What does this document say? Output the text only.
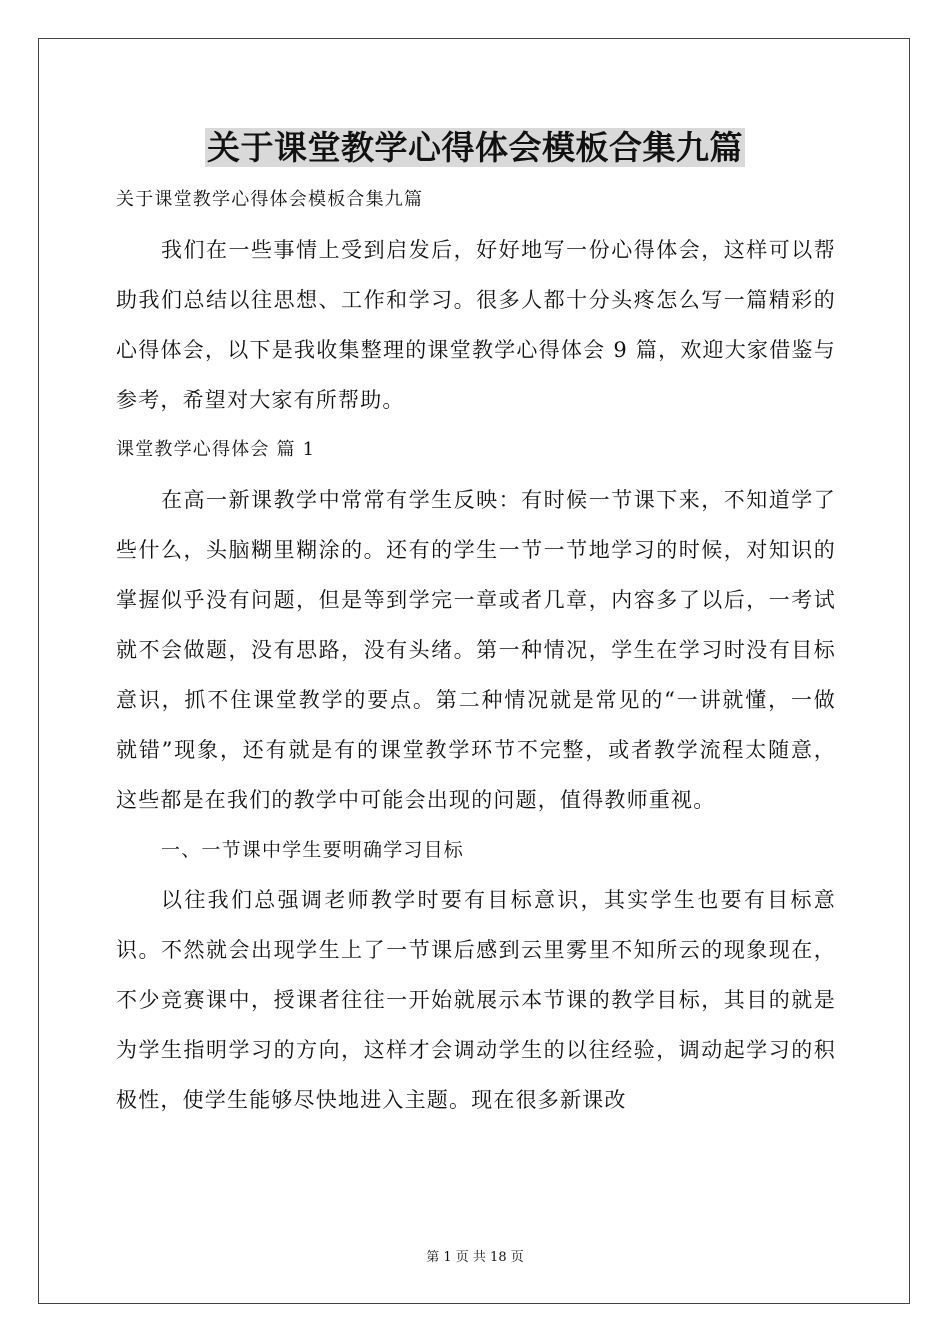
关于课堂教学心得体会模板合集九篇

关于课堂教学心得体会模板合集九篇

我们在一些事情上受到启发后，好好地写一份心得体会，这样可以帮助我们总结以往思想、工作和学习。很多人都十分头疼怎么写一篇精彩的心得体会，以下是我收集整理的课堂教学心得体会 9 篇，欢迎大家借鉴与参考，希望对大家有所帮助。

课堂教学心得体会 篇 1

在高一新课教学中常常有学生反映：有时候一节课下来，不知道学了些什么，头脑糊里糊涂的。还有的学生一节一节地学习的时候，对知识的掌握似乎没有问题，但是等到学完一章或者几章，内容多了以后，一考试就不会做题，没有思路，没有头绪。第一种情况，学生在学习时没有目标意识，抓不住课堂教学的要点。第二种情况就是常见的“一讲就懂，一做就错”现象，还有就是有的课堂教学环节不完整，或者教学流程太随意，这些都是在我们的教学中可能会出现的问题，值得教师重视。

一、一节课中学生要明确学习目标

以往我们总强调老师教学时要有目标意识，其实学生也要有目标意识。不然就会出现学生上了一节课后感到云里雾里不知所云的现象现在，不少竞赛课中，授课者往往一开始就展示本节课的教学目标，其目的就是为学生指明学习的方向，这样才会调动学生的以往经验，调动起学习的积极性，使学生能够尽快地进入主题。现在很多新课改

第 1 页 共 18 页
